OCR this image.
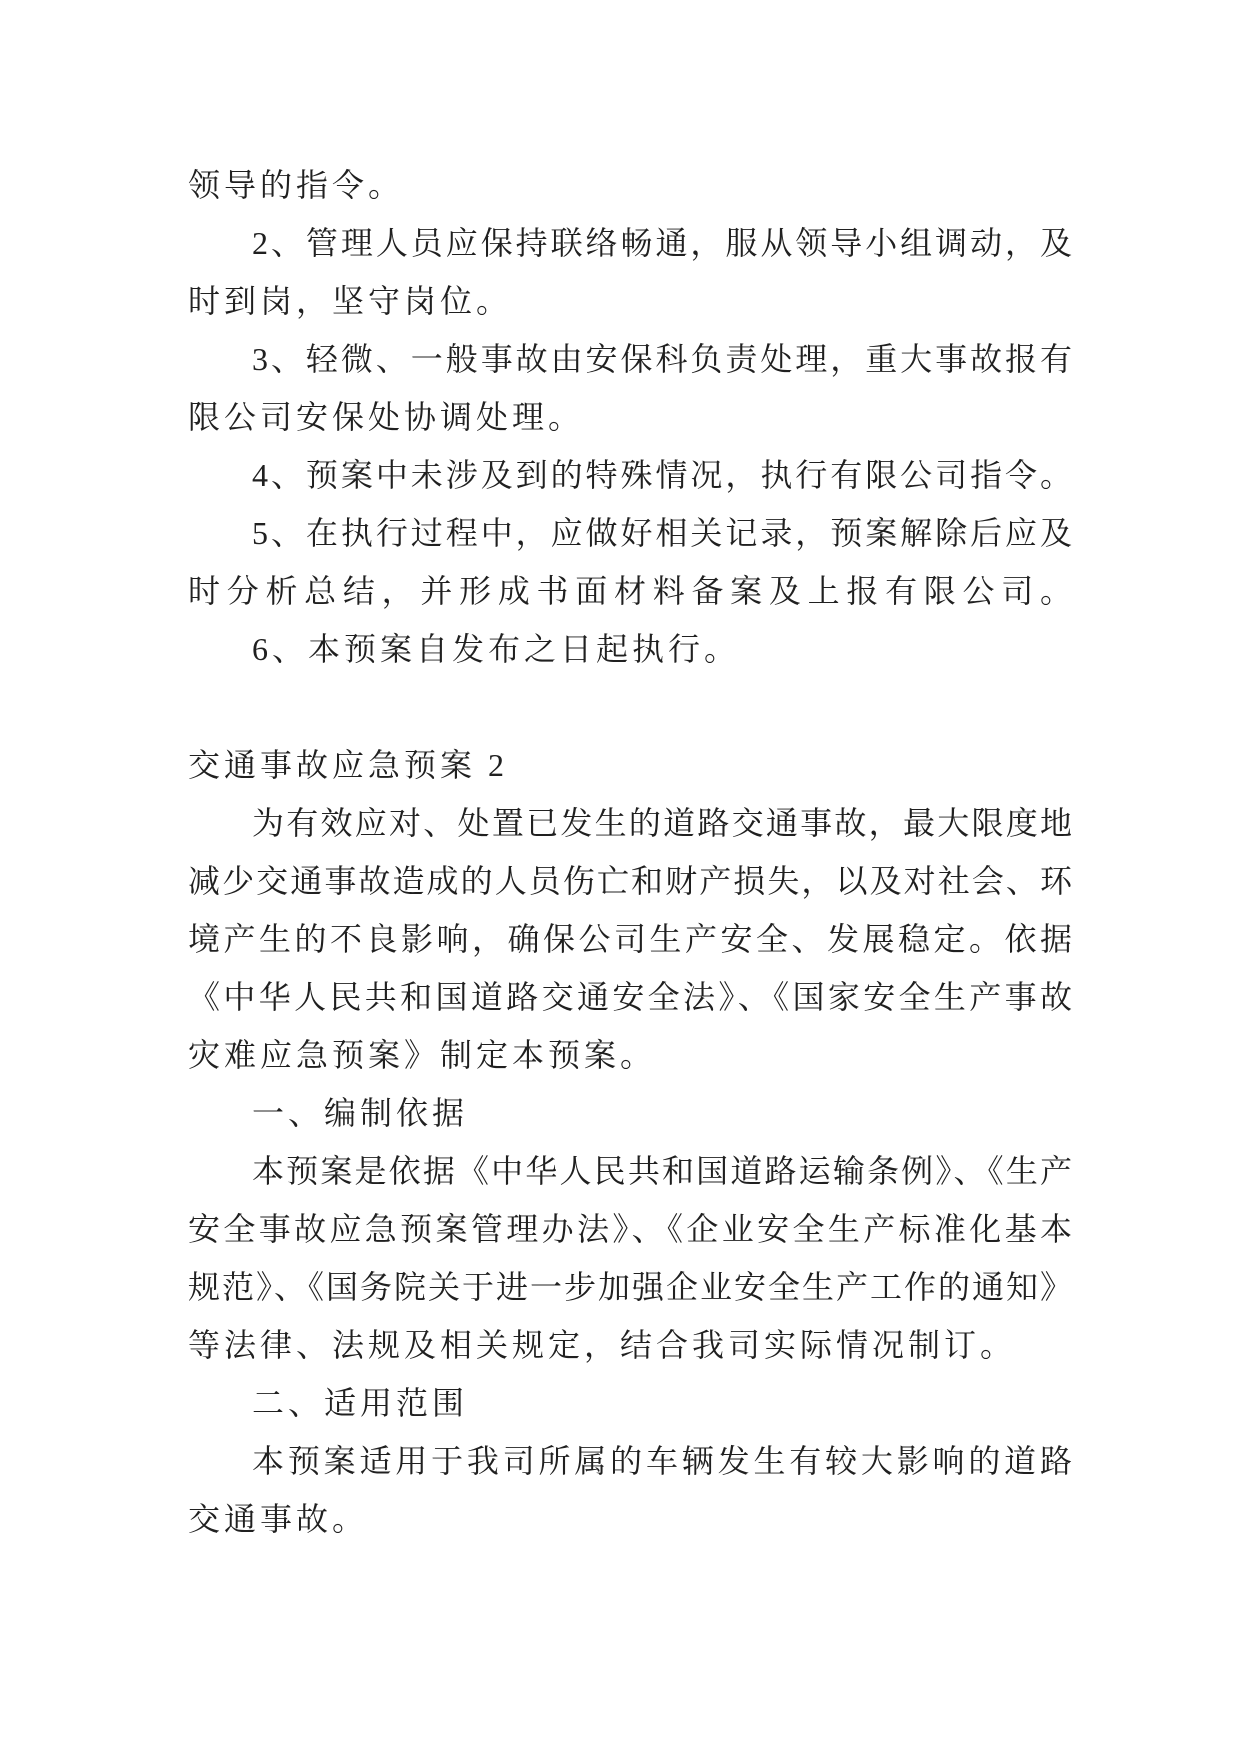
领导的指令。
2、管理人员应保持联络畅通，服从领导小组调动，及
时到岗，坚守岗位。
3、轻微、一般事故由安保科负责处理，重大事故报有
限公司安保处协调处理。
4、预案中未涉及到的特殊情况，执行有限公司指令。
5、在执行过程中，应做好相关记录，预案解除后应及
时分析总结，并形成书面材料备案及上报有限公司。
6、本预案自发布之日起执行。
交通事故应急预案 2
为有效应对、处置已发生的道路交通事故，最大限度地
减少交通事故造成的人员伤亡和财产损失，以及对社会、环
境产生的不良影响，确保公司生产安全、发展稳定。依据
《中华人民共和国道路交通安全法》、《国家安全生产事故
灾难应急预案》制定本预案。
一、编制依据
本预案是依据《中华人民共和国道路运输条例》、《生产
安全事故应急预案管理办法》、《企业安全生产标准化基本
规范》、《国务院关于进一步加强企业安全生产工作的通知》
等法律、法规及相关规定，结合我司实际情况制订。
二、适用范围
本预案适用于我司所属的车辆发生有较大影响的道路
交通事故。
